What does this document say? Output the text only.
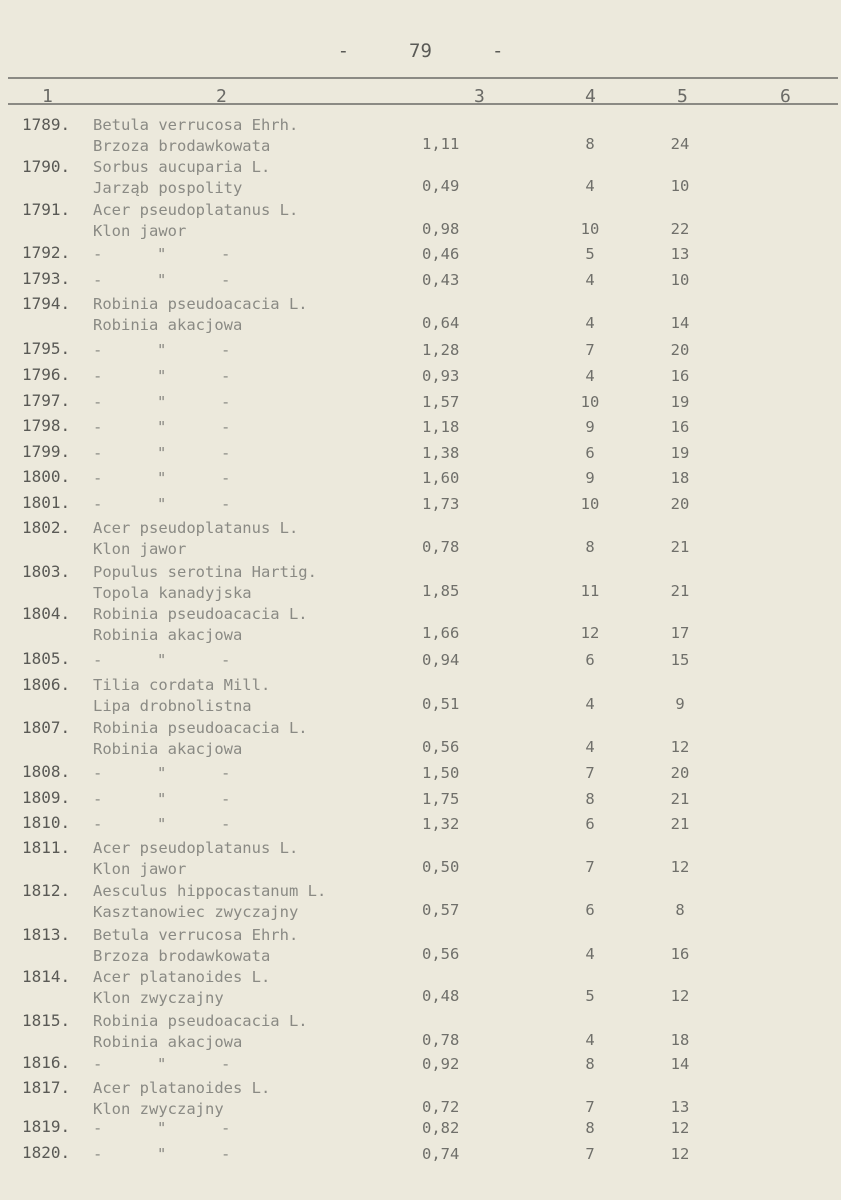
-	79	-
1	2	3	4	5	6
1789. Betula verrucosa Ehrh.
Brzoza brodawkowata	1,11	8	24
1790. Sorbus aucuparia L.
Jarząb pospolity	0,49	4	10
1791. Acer pseudoplatanus L.
Klon jawor	0,98	10	22
1792. -	"	-	0,46	5	13
1793. -	"	-	0,43	4	10
1794. Robinia pseudoacacia L.
Robinia akacjowa	0,64	4	14
1795. -	"	-	1,28	7	20
1796. -	"	-	0,93	4	16
1797. -	"	-	1,57	10	19
1798. -	"	-	1,18	9	16
1799. -	"	-	1,38	6	19
1800. -	"	-	1,60	9	18
1801. -	"	-	1,73	10	20
1802. Acer pseudoplatanus L.
Klon jawor	0,78	8	21
1803. Populus serotina Hartig.
Topola kanadyjska	1,85	11	21
1804. Robinia pseudoacacia L.
Robinia akacjowa	1,66	12	17
1805. -	"	-	0,94	6	15
1806. Tilia cordata Mill.
Lipa drobnolistna	0,51	4	9
1807. Robinia pseudoacacia L.
Robinia akacjowa	0,56	4	12
1808. -	"	-	1,50	7	20
1809. -	"	-	1,75	8	21
1810. -	"	-	1,32	6	21
1811. Acer pseudoplatanus L.
Klon jawor	0,50	7	12
1812. Aesculus hippocastanum L.
Kasztanowiec zwyczajny	0,57	6	8
1813. Betula verrucosa Ehrh.
Brzoza brodawkowata	0,56	4	16
1814. Acer platanoides L.
Klon zwyczajny	0,48	5	12
1815. Robinia pseudoacacia L.
Robinia akacjowa	0,78	4	18
1816. -	"	-	0,92	8	14
1817. Acer platanoides L.
Klon zwyczajny	0,72	7	13
1819. -	"	-	0,82	8	12
1820. -	"	-	0,74	7	12
